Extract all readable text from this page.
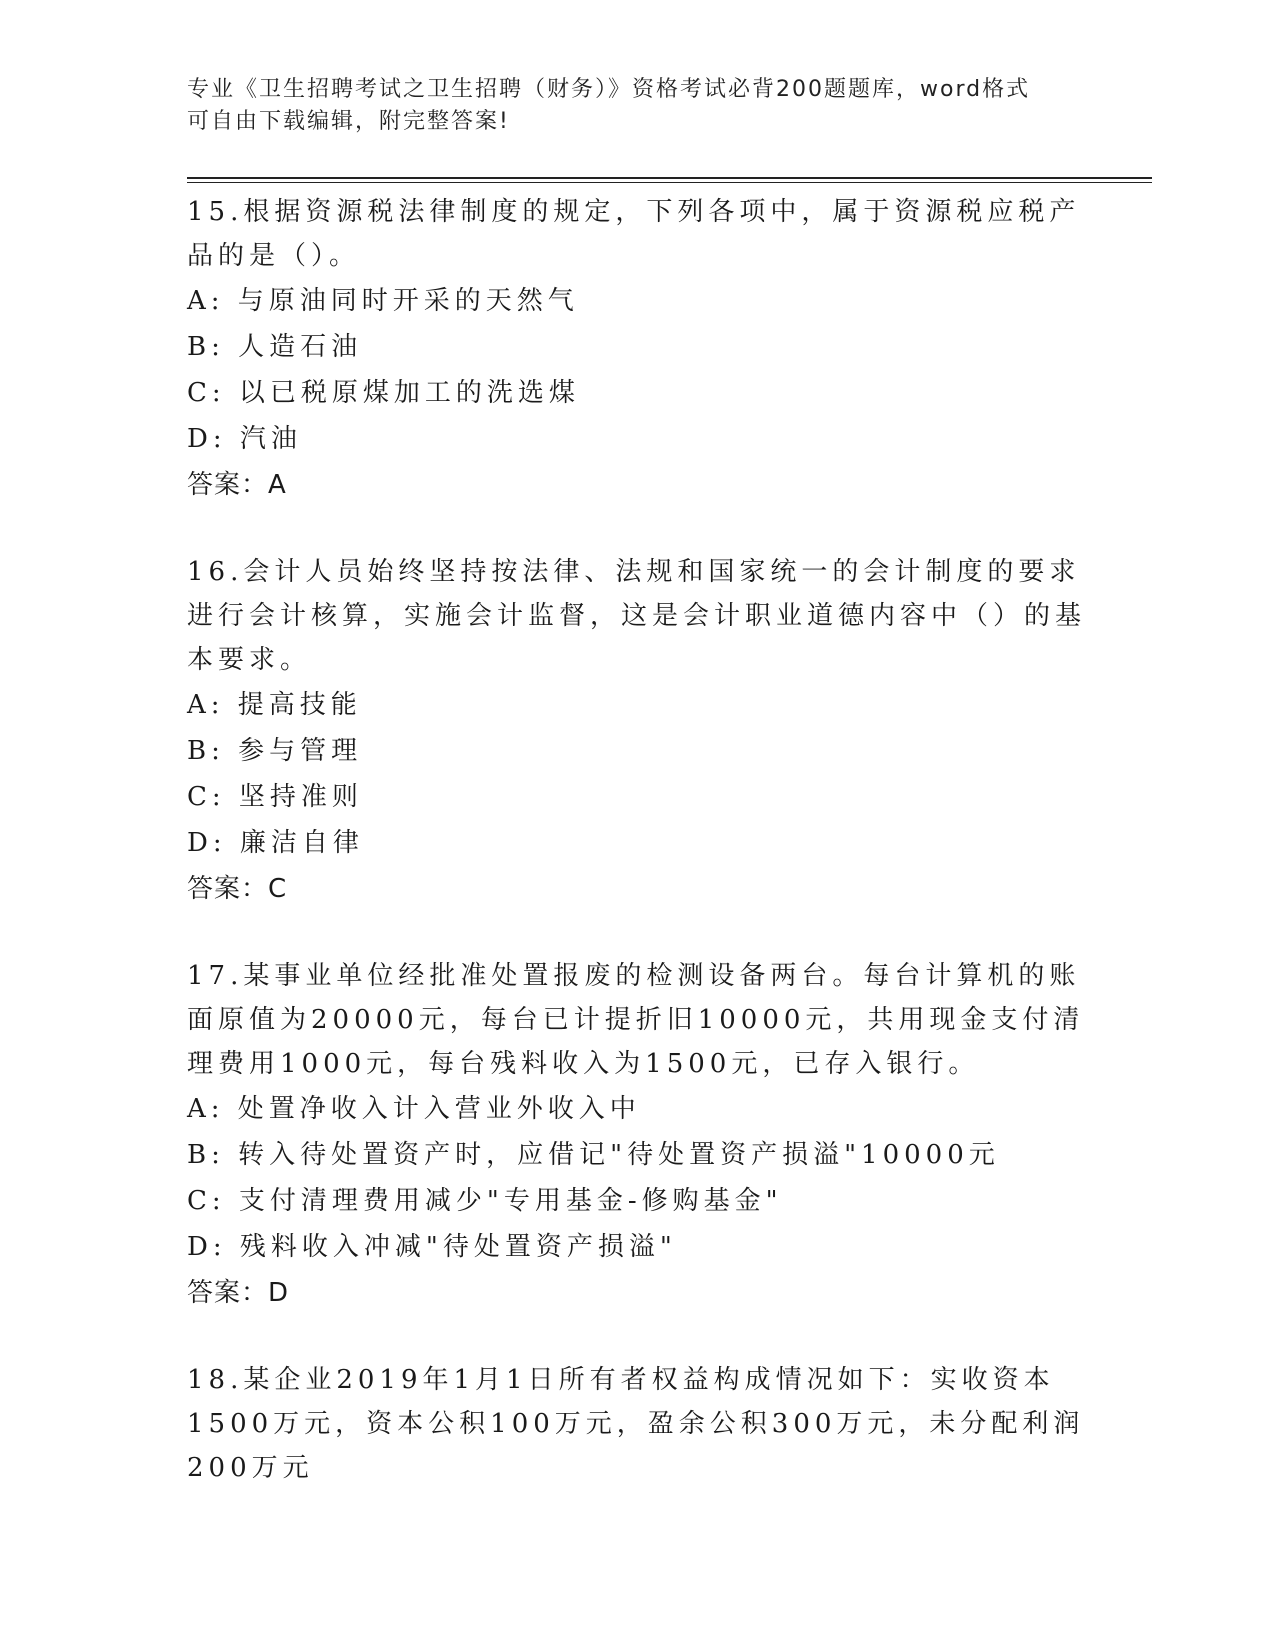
专业《卫生招聘考试之卫生招聘（财务）》资格考试必背200题题库，word格式
可自由下载编辑，附完整答案!

15.根据资源税法律制度的规定，下列各项中，属于资源税应税产品的是（）。

A: 与原油同时开采的天然气
B: 人造石油
C: 以已税原煤加工的洗选煤
D: 汽油
答案：A

16.会计人员始终坚持按法律、法规和国家统一的会计制度的要求进行会计核算，实施会计监督，这是会计职业道德内容中（）的基本要求。

A: 提高技能
B: 参与管理
C: 坚持准则
D: 廉洁自律
答案：C

17.某事业单位经批准处置报废的检测设备两台。每台计算机的账面原值为20000元，每台已计提折旧10000元，共用现金支付清理费用1000元，每台残料收入为1500元，已存入银行。

A: 处置净收入计入营业外收入中
B: 转入待处置资产时，应借记"待处置资产损溢"10000元
C: 支付清理费用减少"专用基金-修购基金"
D: 残料收入冲减"待处置资产损溢"
答案：D

18.某企业2019年1月1日所有者权益构成情况如下：实收资本1500万元，资本公积100万元，盈余公积300万元，未分配利润200万元
